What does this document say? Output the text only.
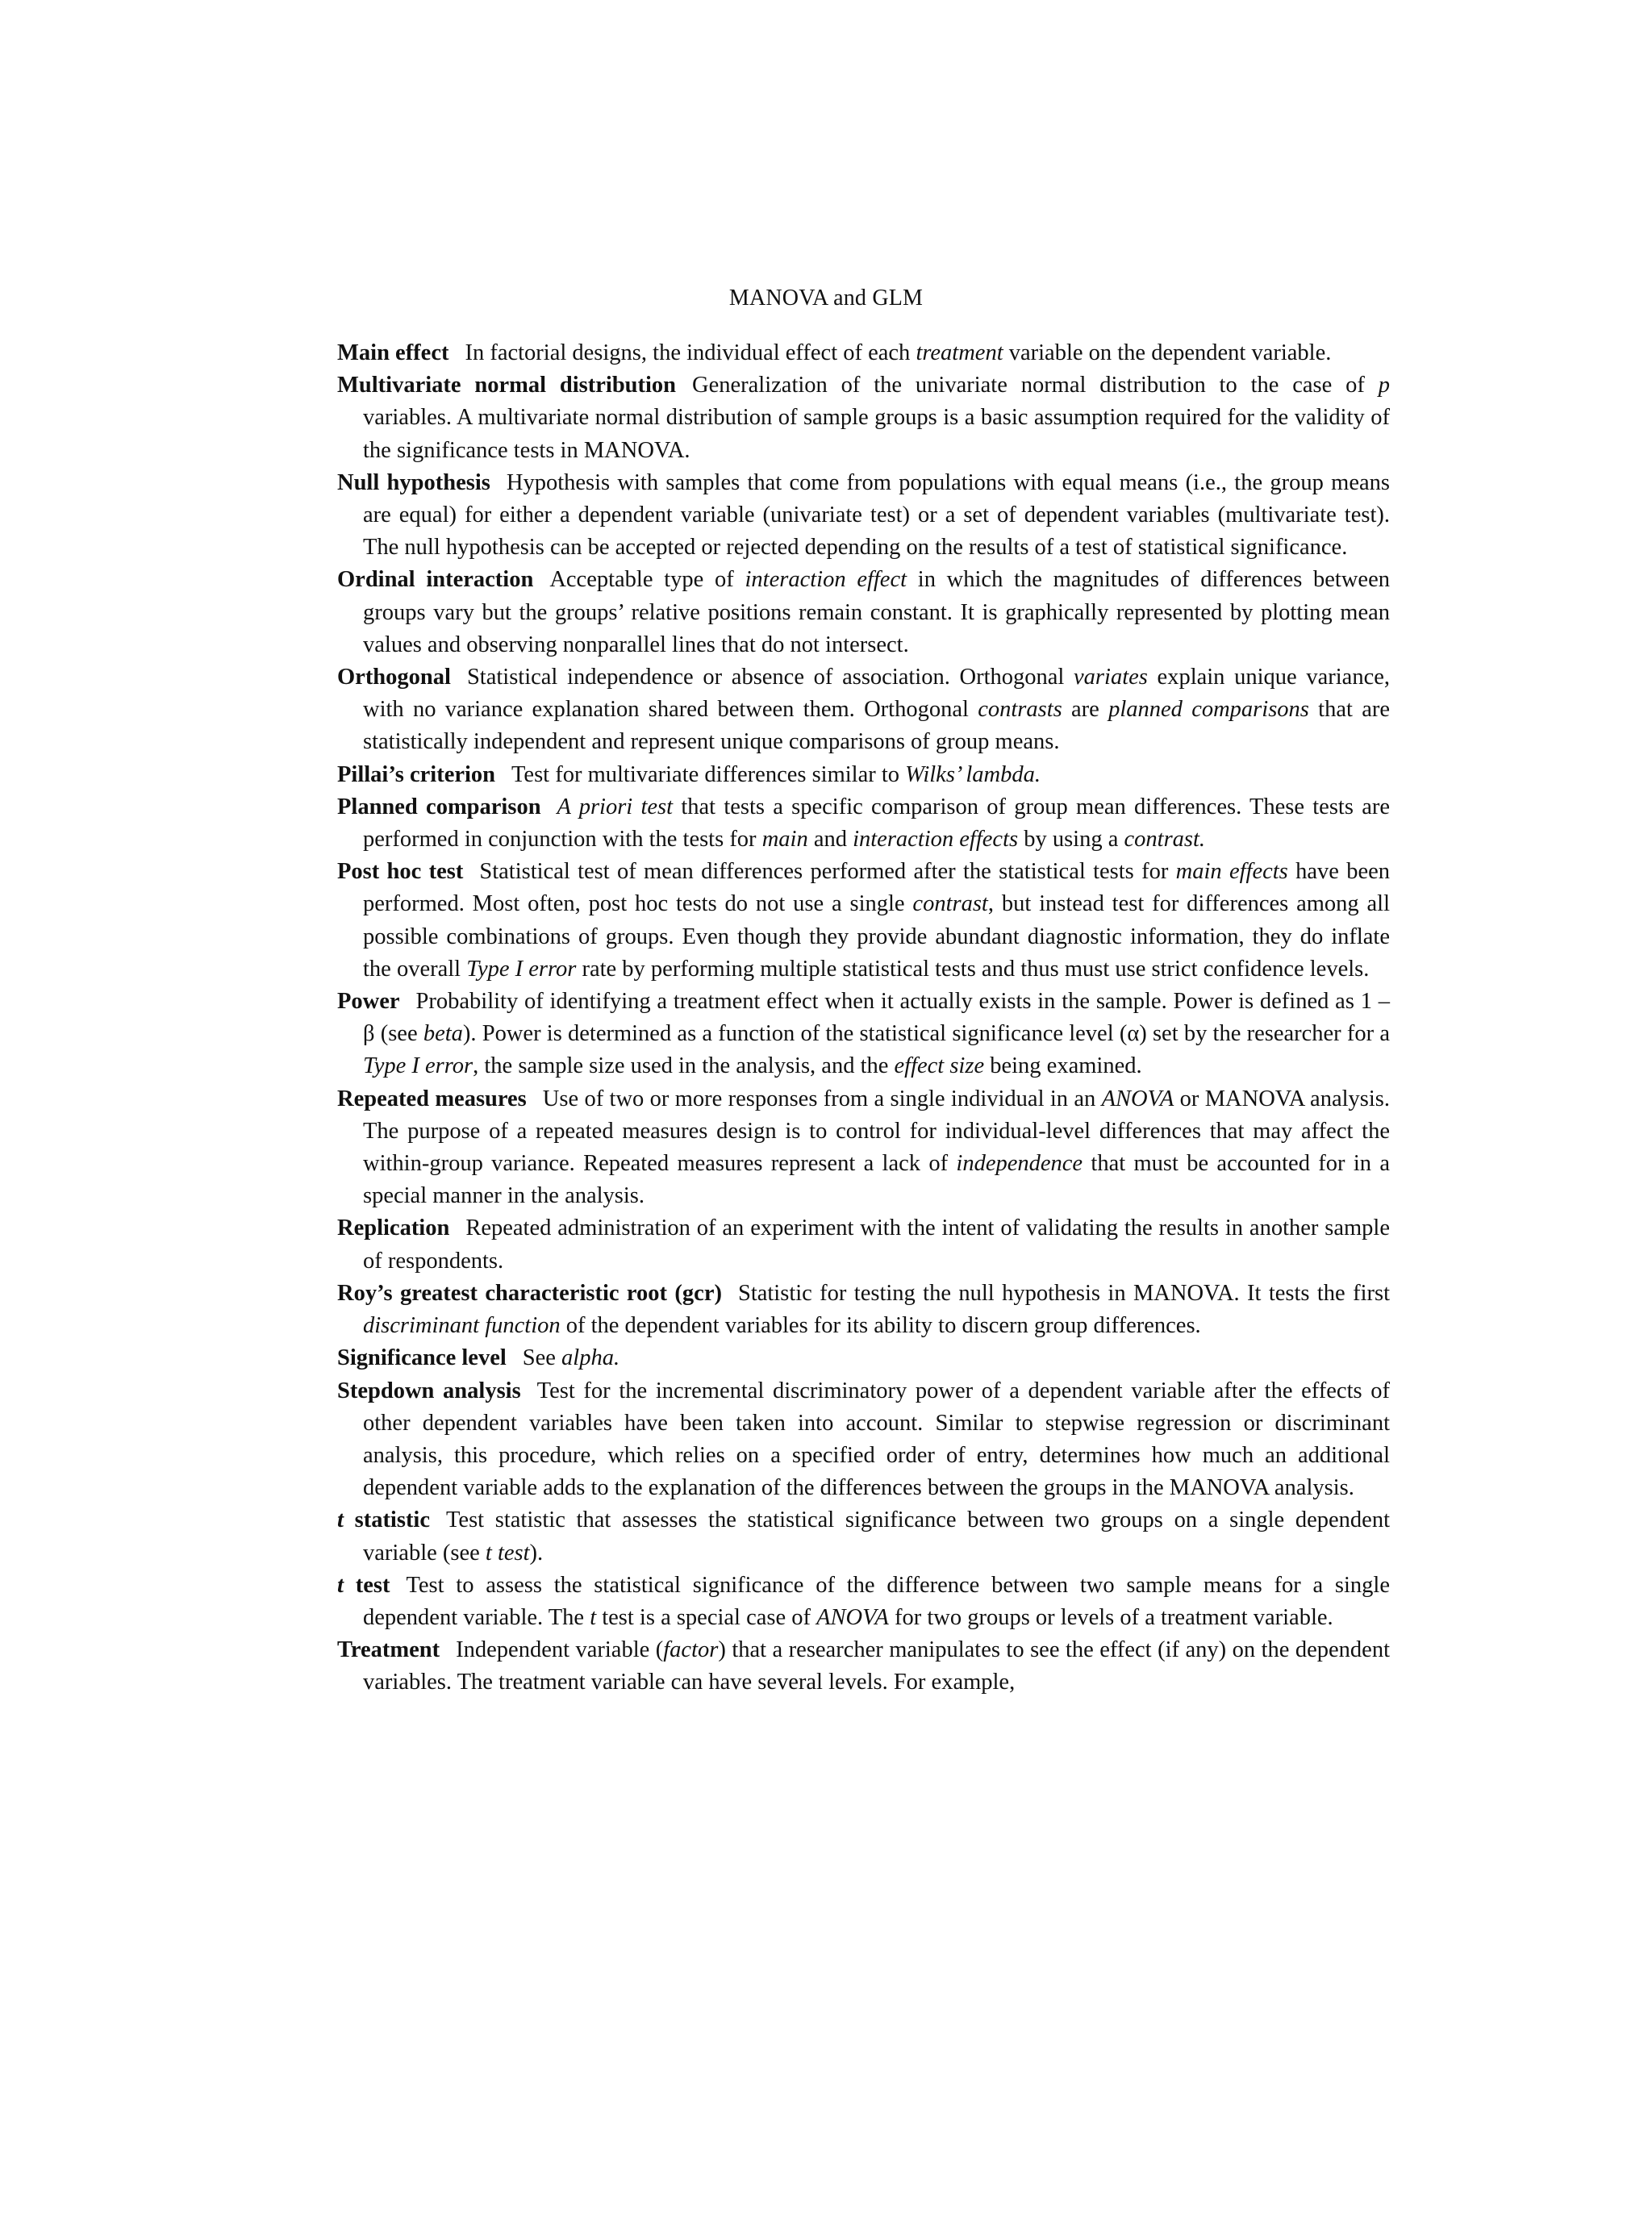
MANOVA and GLM

Main effect In factorial designs, the individual effect of each treatment variable on the dependent variable.

Multivariate normal distribution Generalization of the univariate normal distribution to the case of p variables. A multivariate normal distribution of sample groups is a basic assumption required for the validity of the significance tests in MANOVA.

Null hypothesis Hypothesis with samples that come from populations with equal means (i.e., the group means are equal) for either a dependent variable (univariate test) or a set of dependent variables (multivariate test). The null hypothesis can be accepted or rejected depending on the results of a test of statistical significance.

Ordinal interaction Acceptable type of interaction effect in which the magnitudes of differences between groups vary but the groups’ relative positions remain constant. It is graphically represented by plotting mean values and observing nonparallel lines that do not intersect.

Orthogonal Statistical independence or absence of association. Orthogonal variates explain unique variance, with no variance explanation shared between them. Orthogonal contrasts are planned comparisons that are statistically independent and represent unique comparisons of group means.

Pillai’s criterion Test for multivariate differences similar to Wilks’ lambda.

Planned comparison A priori test that tests a specific comparison of group mean differences. These tests are performed in conjunction with the tests for main and interaction effects by using a contrast.

Post hoc test Statistical test of mean differences performed after the statistical tests for main effects have been performed. Most often, post hoc tests do not use a single contrast, but instead test for differences among all possible combinations of groups. Even though they provide abundant diagnostic information, they do inflate the overall Type I error rate by performing multiple statistical tests and thus must use strict confidence levels.

Power Probability of identifying a treatment effect when it actually exists in the sample. Power is defined as 1 – β (see beta). Power is determined as a function of the statistical significance level (α) set by the researcher for a Type I error, the sample size used in the analysis, and the effect size being examined.

Repeated measures Use of two or more responses from a single individual in an ANOVA or MANOVA analysis. The purpose of a repeated measures design is to control for individual-level differences that may affect the within-group variance. Repeated measures represent a lack of independence that must be accounted for in a special manner in the analysis.

Replication Repeated administration of an experiment with the intent of validating the results in another sample of respondents.

Roy’s greatest characteristic root (gcr) Statistic for testing the null hypothesis in MANOVA. It tests the first discriminant function of the dependent variables for its ability to discern group differences.

Significance level See alpha.

Stepdown analysis Test for the incremental discriminatory power of a dependent variable after the effects of other dependent variables have been taken into account. Similar to stepwise regression or discriminant analysis, this procedure, which relies on a specified order of entry, determines how much an additional dependent variable adds to the explanation of the differences between the groups in the MANOVA analysis.

t statistic Test statistic that assesses the statistical significance between two groups on a single dependent variable (see t test).

t test Test to assess the statistical significance of the difference between two sample means for a single dependent variable. The t test is a special case of ANOVA for two groups or levels of a treatment variable.

Treatment Independent variable (factor) that a researcher manipulates to see the effect (if any) on the dependent variables. The treatment variable can have several levels. For example,
